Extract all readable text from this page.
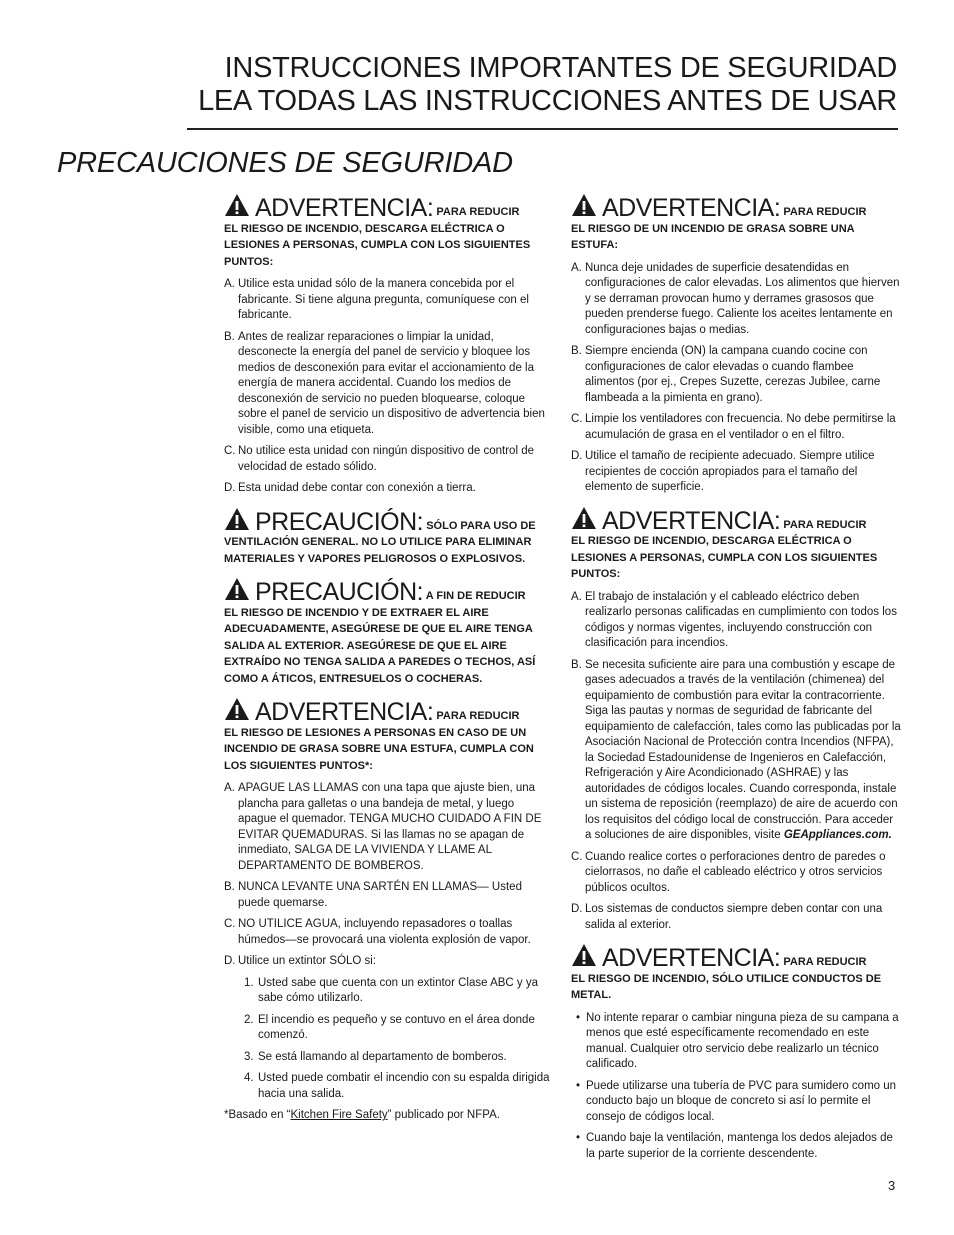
INSTRUCCIONES IMPORTANTES DE SEGURIDAD
LEA TODAS LAS INSTRUCCIONES ANTES DE USAR
PRECAUCIONES DE SEGURIDAD
ADVERTENCIA: PARA REDUCIR
EL RIESGO DE INCENDIO, DESCARGA ELÉCTRICA O LESIONES A PERSONAS, CUMPLA CON LOS SIGUIENTES PUNTOS:
A. Utilice esta unidad sólo de la manera concebida por el fabricante. Si tiene alguna pregunta, comuníquese con el fabricante.
B. Antes de realizar reparaciones o limpiar la unidad, desconecte la energía del panel de servicio y bloquee los medios de desconexión para evitar el accionamiento de la energía de manera accidental. Cuando los medios de desconexión de servicio no pueden bloquearse, coloque sobre el panel de servicio un dispositivo de advertencia bien visible, como una etiqueta.
C. No utilice esta unidad con ningún dispositivo de control de velocidad de estado sólido.
D. Esta unidad debe contar con conexión a tierra.
PRECAUCIÓN: SÓLO PARA USO DE
VENTILACIÓN GENERAL. NO LO UTILICE PARA ELIMINAR MATERIALES Y VAPORES PELIGROSOS O EXPLOSIVOS.
PRECAUCIÓN: A FIN DE REDUCIR
EL RIESGO DE INCENDIO Y DE EXTRAER EL AIRE ADECUADAMENTE, ASEGÚRESE DE QUE EL AIRE TENGA SALIDA AL EXTERIOR. ASEGÚRESE DE QUE EL AIRE EXTRAÍDO NO TENGA SALIDA A PAREDES O TECHOS, ASÍ COMO A ÁTICOS, ENTRESUELOS O COCHERAS.
ADVERTENCIA: PARA REDUCIR
EL RIESGO DE LESIONES A PERSONAS EN CASO DE UN INCENDIO DE GRASA SOBRE UNA ESTUFA, CUMPLA CON LOS SIGUIENTES PUNTOS*:
A. APAGUE LAS LLAMAS con una tapa que ajuste bien, una plancha para galletas o una bandeja de metal, y luego apague el quemador. TENGA MUCHO CUIDADO A FIN DE EVITAR QUEMADURAS. Si las llamas no se apagan de inmediato, SALGA DE LA VIVIENDA Y LLAME AL DEPARTAMENTO DE BOMBEROS.
B. NUNCA LEVANTE UNA SARTÉN EN LLAMAS— Usted puede quemarse.
C. NO UTILICE AGUA, incluyendo repasadores o toallas húmedos—se provocará una violenta explosión de vapor.
D. Utilice un extintor SÓLO si:
1. Usted sabe que cuenta con un extintor Clase ABC y ya sabe cómo utilizarlo.
2. El incendio es pequeño y se contuvo en el área donde comenzó.
3. Se está llamando al departamento de bomberos.
4. Usted puede combatir el incendio con su espalda dirigida hacia una salida.
*Basado en “Kitchen Fire Safety” publicado por NFPA.
ADVERTENCIA: PARA REDUCIR
EL RIESGO DE UN INCENDIO DE GRASA SOBRE UNA ESTUFA:
A. Nunca deje unidades de superficie desatendidas en configuraciones de calor elevadas. Los alimentos que hierven y se derraman provocan humo y derrames grasosos que pueden prenderse fuego. Caliente los aceites lentamente en configuraciones bajas o medias.
B. Siempre encienda (ON) la campana cuando cocine con configuraciones de calor elevadas o cuando flambee alimentos (por ej., Crepes Suzette, cerezas Jubilee, carne flambeada a la pimienta en grano).
C. Limpie los ventiladores con frecuencia. No debe permitirse la acumulación de grasa en el ventilador o en el filtro.
D. Utilice el tamaño de recipiente adecuado. Siempre utilice recipientes de cocción apropiados para el tamaño del elemento de superficie.
ADVERTENCIA: PARA REDUCIR
EL RIESGO DE INCENDIO, DESCARGA ELÉCTRICA O LESIONES A PERSONAS, CUMPLA CON LOS SIGUIENTES PUNTOS:
A. El trabajo de instalación y el cableado eléctrico deben realizarlo personas calificadas en cumplimiento con todos los códigos y normas vigentes, incluyendo construcción con clasificación para incendios.
B. Se necesita suficiente aire para una combustión y escape de gases adecuados a través de la ventilación (chimenea) del equipamiento de combustión para evitar la contracorriente. Siga las pautas y normas de seguridad de fabricante del equipamiento de calefacción, tales como las publicadas por la Asociación Nacional de Protección contra Incendios (NFPA), la Sociedad Estadounidense de Ingenieros en Calefacción, Refrigeración y Aire Acondicionado (ASHRAE) y las autoridades de códigos locales. Cuando corresponda, instale un sistema de reposición (reemplazo) de aire de acuerdo con los requisitos del código local de construcción. Para acceder a soluciones de aire disponibles, visite GEAppliances.com.
C. Cuando realice cortes o perforaciones dentro de paredes o cielorrasos, no dañe el cableado eléctrico y otros servicios públicos ocultos.
D. Los sistemas de conductos siempre deben contar con una salida al exterior.
ADVERTENCIA: PARA REDUCIR
EL RIESGO DE INCENDIO, SÓLO UTILICE CONDUCTOS DE METAL.
• No intente reparar o cambiar ninguna pieza de su campana a menos que esté específicamente recomendado en este manual. Cualquier otro servicio debe realizarlo un técnico calificado.
• Puede utilizarse una tubería de PVC para sumidero como un conducto bajo un bloque de concreto si así lo permite el consejo de códigos local.
• Cuando baje la ventilación, mantenga los dedos alejados de la parte superior de la corriente descendente.
3
